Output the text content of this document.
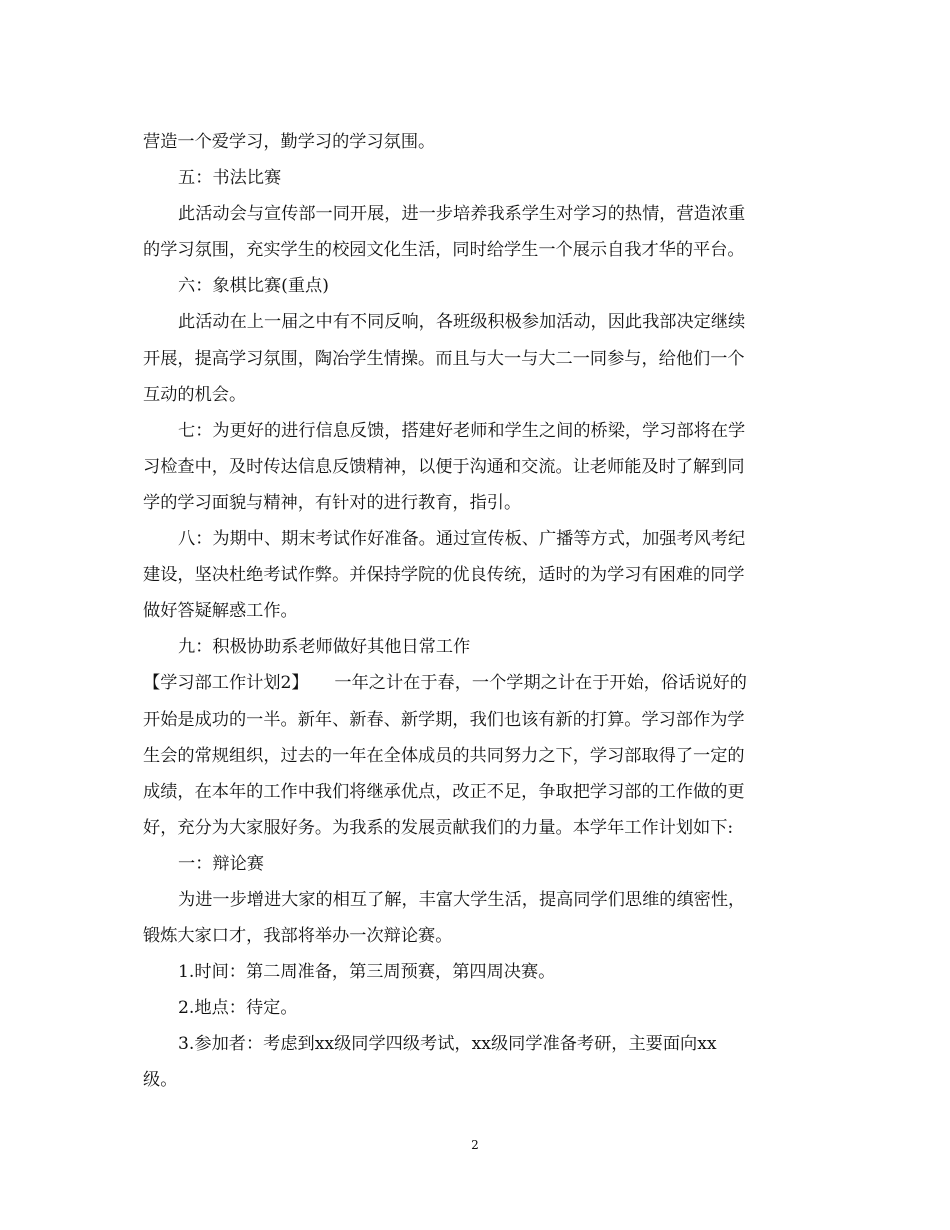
营造一个爱学习，勤学习的学习氛围。
五：书法比赛
此活动会与宣传部一同开展，进一步培养我系学生对学习的热情，营造浓重
的学习氛围，充实学生的校园文化生活，同时给学生一个展示自我才华的平台。
六：象棋比赛(重点)
此活动在上一届之中有不同反响，各班级积极参加活动，因此我部决定继续
开展，提高学习氛围，陶冶学生情操。而且与大一与大二一同参与，给他们一个
互动的机会。
七：为更好的进行信息反馈，搭建好老师和学生之间的桥梁，学习部将在学
习检查中，及时传达信息反馈精神，以便于沟通和交流。让老师能及时了解到同
学的学习面貌与精神，有针对的进行教育，指引。
八：为期中、期末考试作好准备。通过宣传板、广播等方式，加强考风考纪
建设，坚决杜绝考试作弊。并保持学院的优良传统，适时的为学习有困难的同学
做好答疑解惑工作。
九：积极协助系老师做好其他日常工作
【学习部工作计划2】　　一年之计在于春，一个学期之计在于开始，俗话说好的
开始是成功的一半。新年、新春、新学期，我们也该有新的打算。学习部作为学
生会的常规组织，过去的一年在全体成员的共同努力之下，学习部取得了一定的
成绩，在本年的工作中我们将继承优点，改正不足，争取把学习部的工作做的更
好，充分为大家服好务。为我系的发展贡献我们的力量。本学年工作计划如下:
一：辩论赛
为进一步增进大家的相互了解，丰富大学生活，提高同学们思维的缜密性，
锻炼大家口才，我部将举办一次辩论赛。
1.时间：第二周准备，第三周预赛，第四周决赛。
2.地点：待定。
3.参加者：考虑到xx级同学四级考试，xx级同学准备考研，主要面向xx
级。
2
